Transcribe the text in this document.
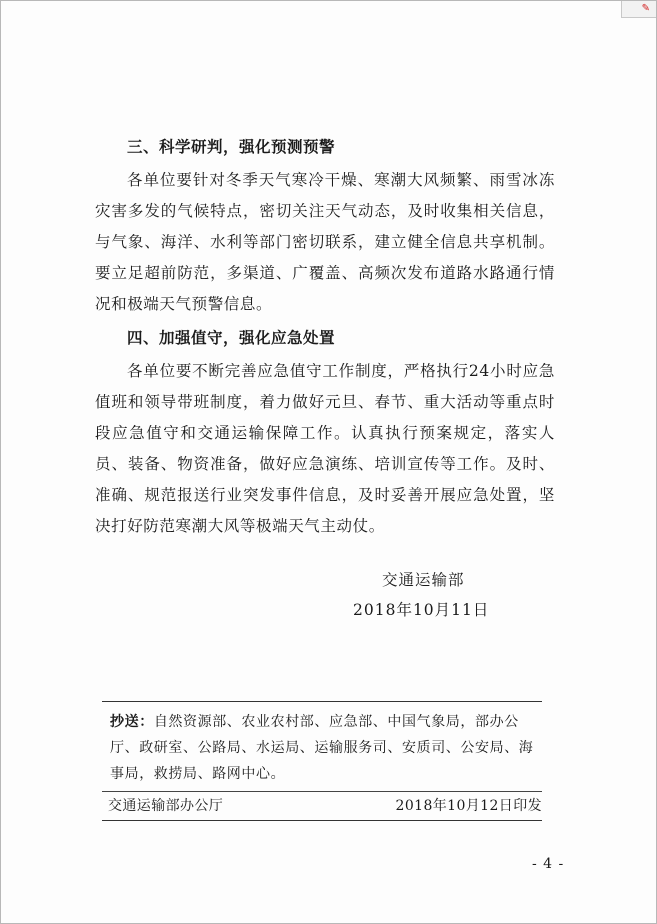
✎
三、科学研判，强化预测预警

各单位要针对冬季天气寒冷干燥、寒潮大风频繁、雨雪冰冻灾害多发的气候特点，密切关注天气动态，及时收集相关信息，与气象、海洋、水利等部门密切联系，建立健全信息共享机制。要立足超前防范，多渠道、广覆盖、高频次发布道路水路通行情况和极端天气预警信息。

四、加强值守，强化应急处置

各单位要不断完善应急值守工作制度，严格执行24小时应急值班和领导带班制度，着力做好元旦、春节、重大活动等重点时段应急值守和交通运输保障工作。认真执行预案规定，落实人员、装备、物资准备，做好应急演练、培训宣传等工作。及时、准确、规范报送行业突发事件信息，及时妥善开展应急处置，坚决打好防范寒潮大风等极端天气主动仗。

交通运输部
2018年10月11日
抄送：自然资源部、农业农村部、应急部、中国气象局，部办公厅、政研室、公路局、水运局、运输服务司、安质司、公安局、海事局，救捞局、路网中心。
交通运输部办公厅	2018年10月12日印发
- 4 -
